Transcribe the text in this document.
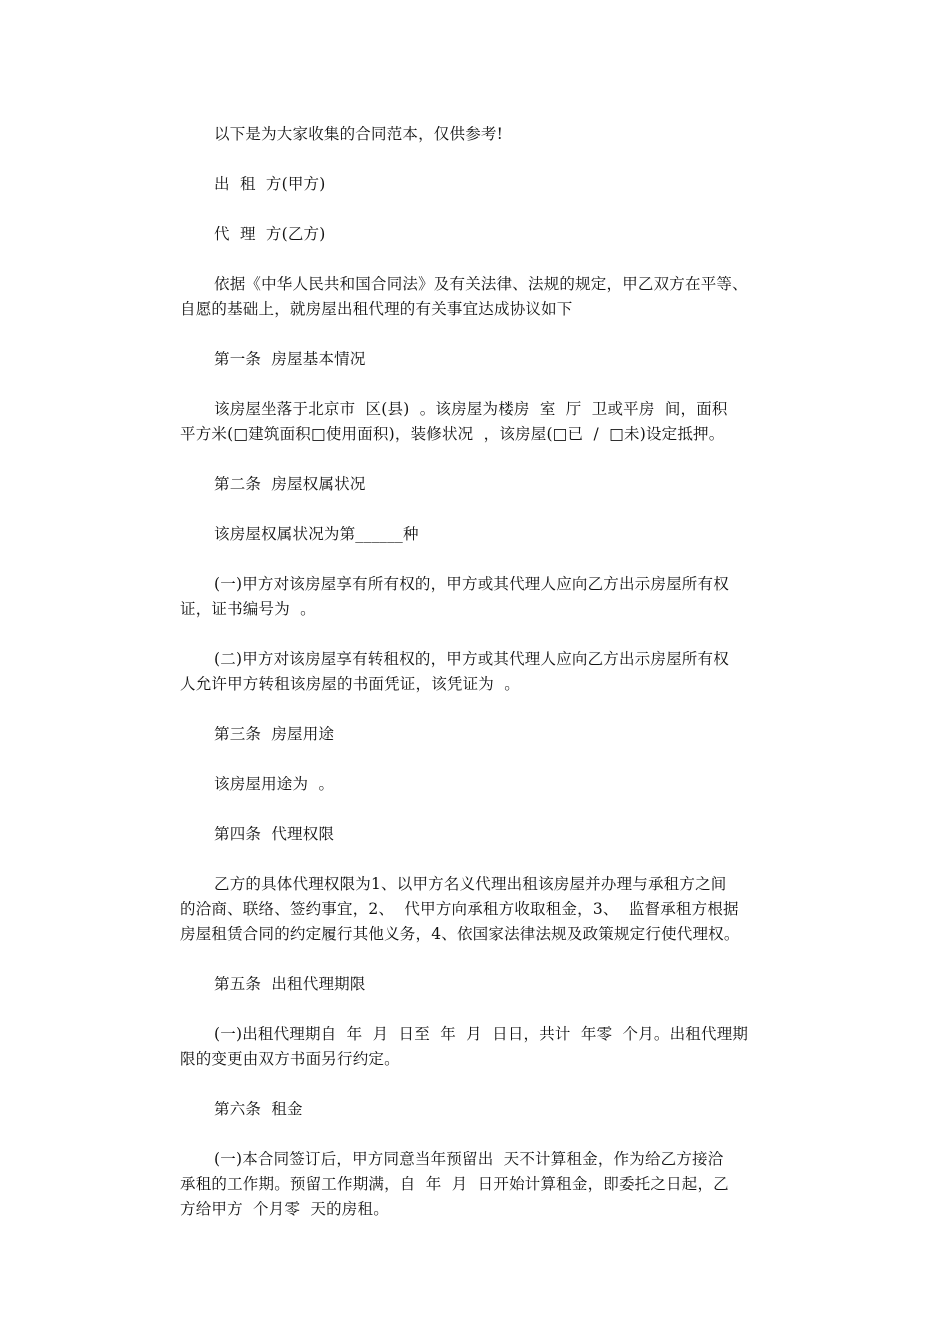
以下是为大家收集的合同范本，仅供参考!

出  租  方(甲方)

代  理  方(乙方)

依据《中华人民共和国合同法》及有关法律、法规的规定，甲乙双方在平等、
自愿的基础上，就房屋出租代理的有关事宜达成协议如下

第一条  房屋基本情况

该房屋坐落于北京市  区(县)  。该房屋为楼房  室  厅  卫或平房  间，面积
平方米(□建筑面积□使用面积)，装修状况  ，该房屋(□已  /  □未)设定抵押。

第二条  房屋权属状况

该房屋权属状况为第______种

(一)甲方对该房屋享有所有权的，甲方或其代理人应向乙方出示房屋所有权
证，证书编号为  。

(二)甲方对该房屋享有转租权的，甲方或其代理人应向乙方出示房屋所有权
人允许甲方转租该房屋的书面凭证，该凭证为  。

第三条  房屋用途

该房屋用途为  。

第四条  代理权限

乙方的具体代理权限为1、以甲方名义代理出租该房屋并办理与承租方之间
的洽商、联络、签约事宜，2、  代甲方向承租方收取租金，3、  监督承租方根据
房屋租赁合同的约定履行其他义务，4、依国家法律法规及政策规定行使代理权。

第五条  出租代理期限

(一)出租代理期自  年  月  日至  年  月  日日，共计  年零  个月。出租代理期
限的变更由双方书面另行约定。

第六条  租金

(一)本合同签订后，甲方同意当年预留出  天不计算租金，作为给乙方接洽
承租的工作期。预留工作期满，自  年  月  日开始计算租金，即委托之日起，乙
方给甲方  个月零  天的房租。
